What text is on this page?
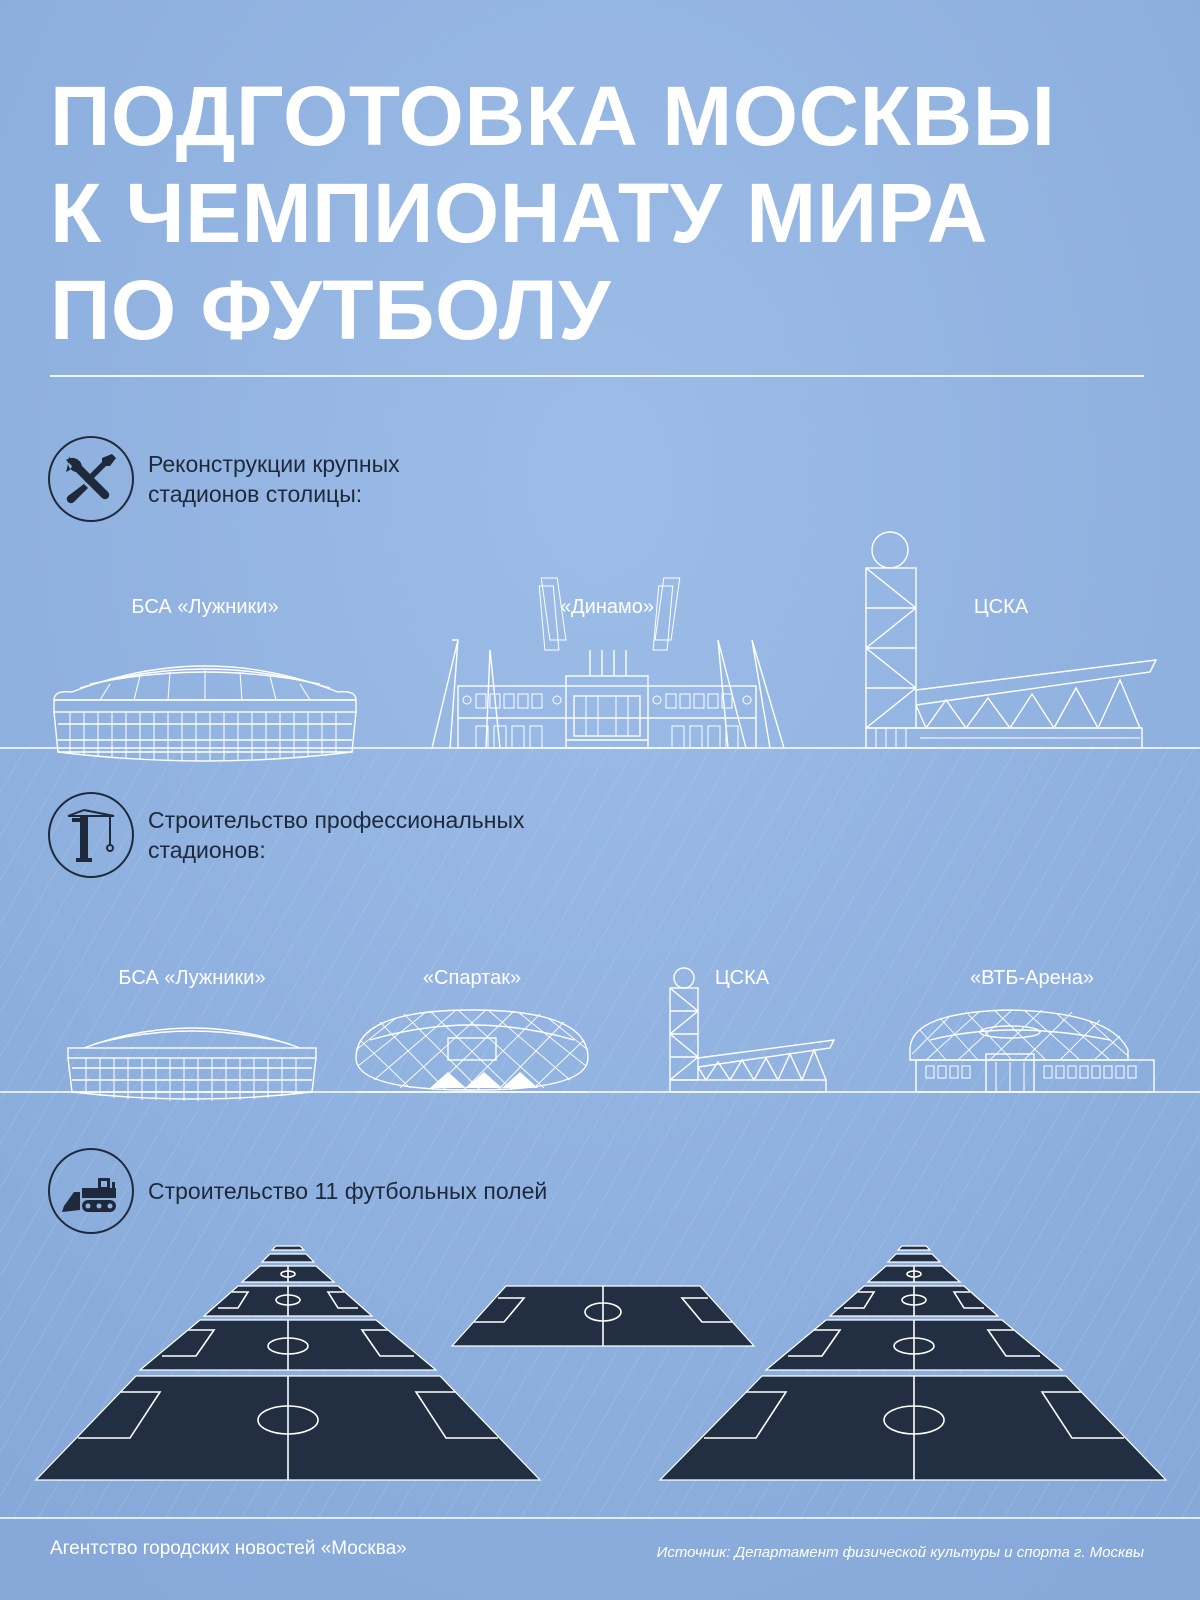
ПОДГОТОВКА МОСКВЫ
К ЧЕМПИОНАТУ МИРА
ПО ФУТБОЛУ
Реконструкции крупных
стадионов столицы:
БСА «Лужники»	«Динамо»	ЦСКА
Строительство профессиональных
стадионов:
БСА «Лужники»	«Спартак»	ЦСКА	«ВТБ-Арена»
Строительство 11 футбольных полей
Агентство городских новостей «Москва»	Источник: Департамент физической культуры и спорта г. Москвы
